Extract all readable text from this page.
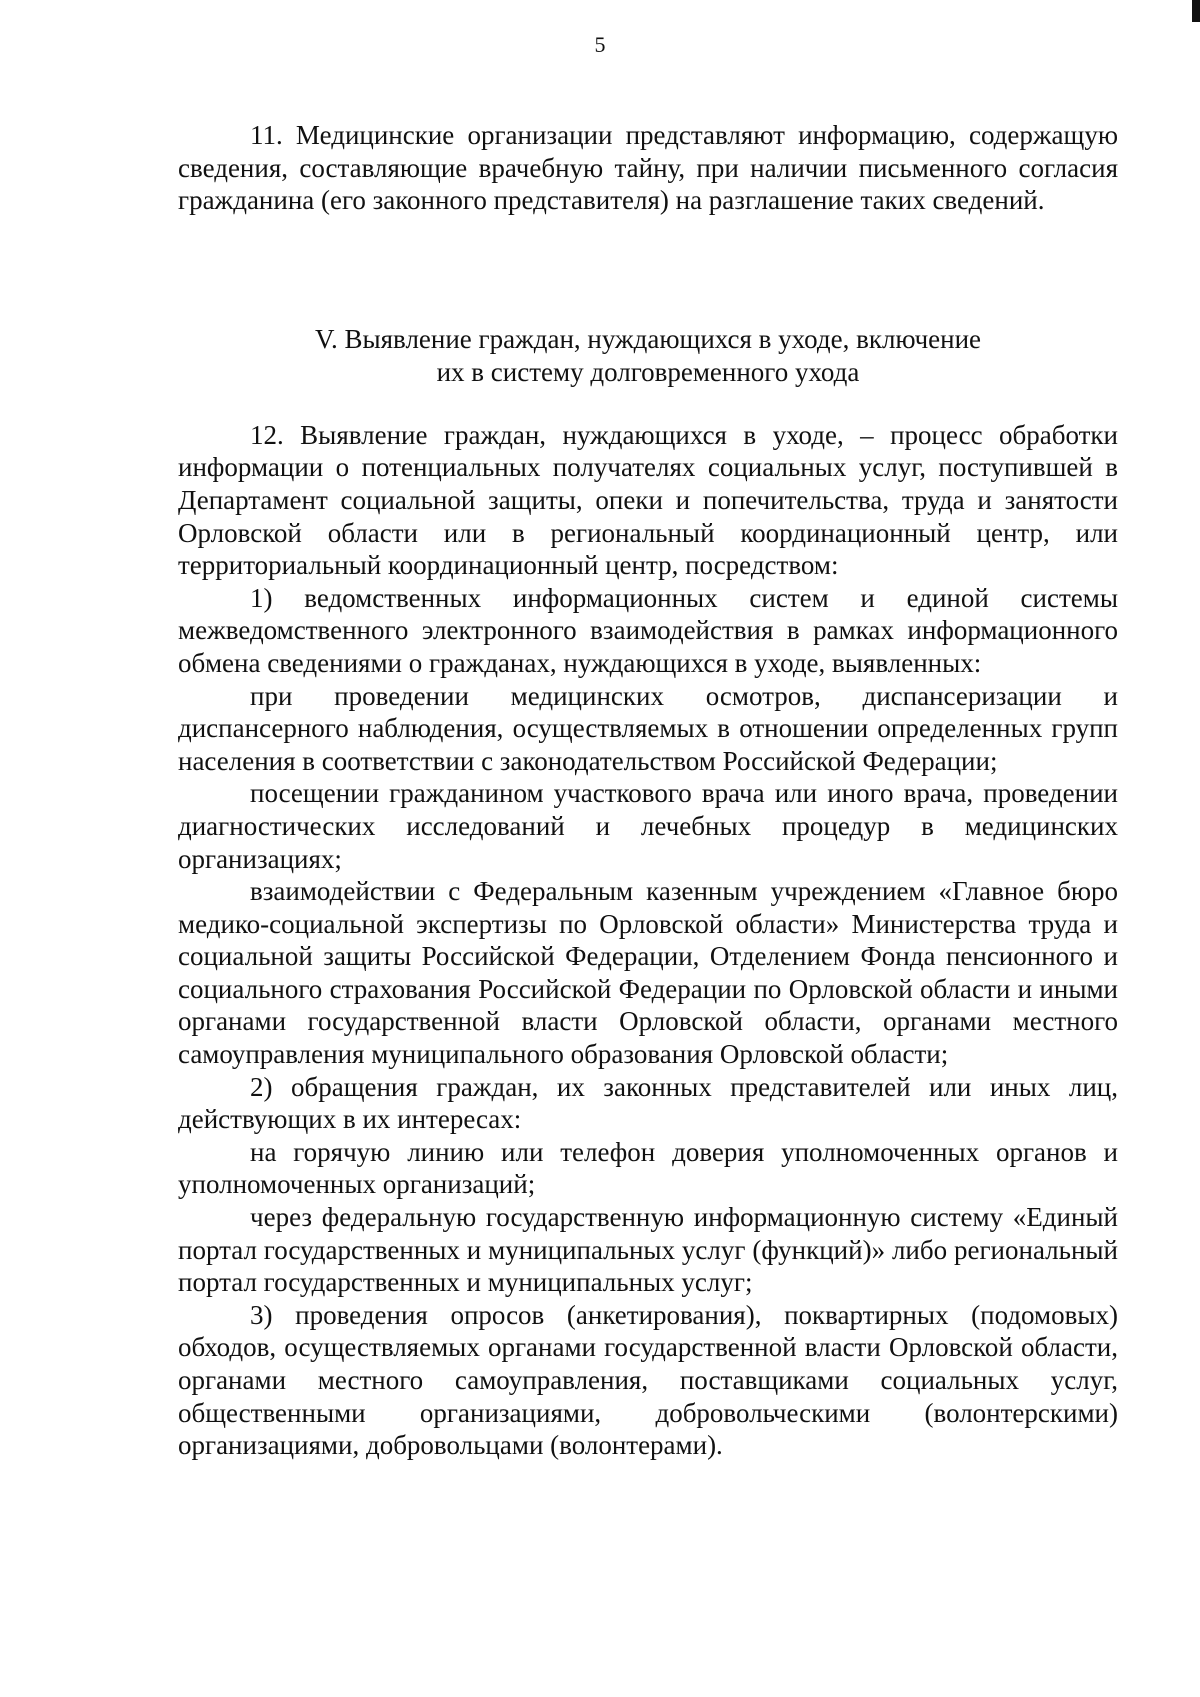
5

11. Медицинские организации представляют информацию, содержащую сведения, составляющие врачебную тайну, при наличии письменного согласия гражданина (его законного представителя) на разглашение таких сведений.

V. Выявление граждан, нуждающихся в уходе, включение
их в систему долговременного ухода

12. Выявление граждан, нуждающихся в уходе, – процесс обработки информации о потенциальных получателях социальных услуг, поступившей в Департамент социальной защиты, опеки и попечительства, труда и занятости Орловской области или в региональный координационный центр, или территориальный координационный центр, посредством:

1) ведомственных информационных систем и единой системы межведомственного электронного взаимодействия в рамках информационного обмена сведениями о гражданах, нуждающихся в уходе, выявленных:

при проведении медицинских осмотров, диспансеризации и диспансерного наблюдения, осуществляемых в отношении определенных групп населения в соответствии с законодательством Российской Федерации;

посещении гражданином участкового врача или иного врача, проведении диагностических исследований и лечебных процедур в медицинских организациях;

взаимодействии с Федеральным казенным учреждением «Главное бюро медико-социальной экспертизы по Орловской области» Министерства труда и социальной защиты Российской Федерации, Отделением Фонда пенсионного и социального страхования Российской Федерации по Орловской области и иными органами государственной власти Орловской области, органами местного самоуправления муниципального образования Орловской области;

2) обращения граждан, их законных представителей или иных лиц, действующих в их интересах:

на горячую линию или телефон доверия уполномоченных органов и уполномоченных организаций;

через федеральную государственную информационную систему «Единый портал государственных и муниципальных услуг (функций)» либо региональный портал государственных и муниципальных услуг;

3) проведения опросов (анкетирования), поквартирных (подомовых) обходов, осуществляемых органами государственной власти Орловской области, органами местного самоуправления, поставщиками социальных услуг, общественными организациями, добровольческими (волонтерскими) организациями, добровольцами (волонтерами).
